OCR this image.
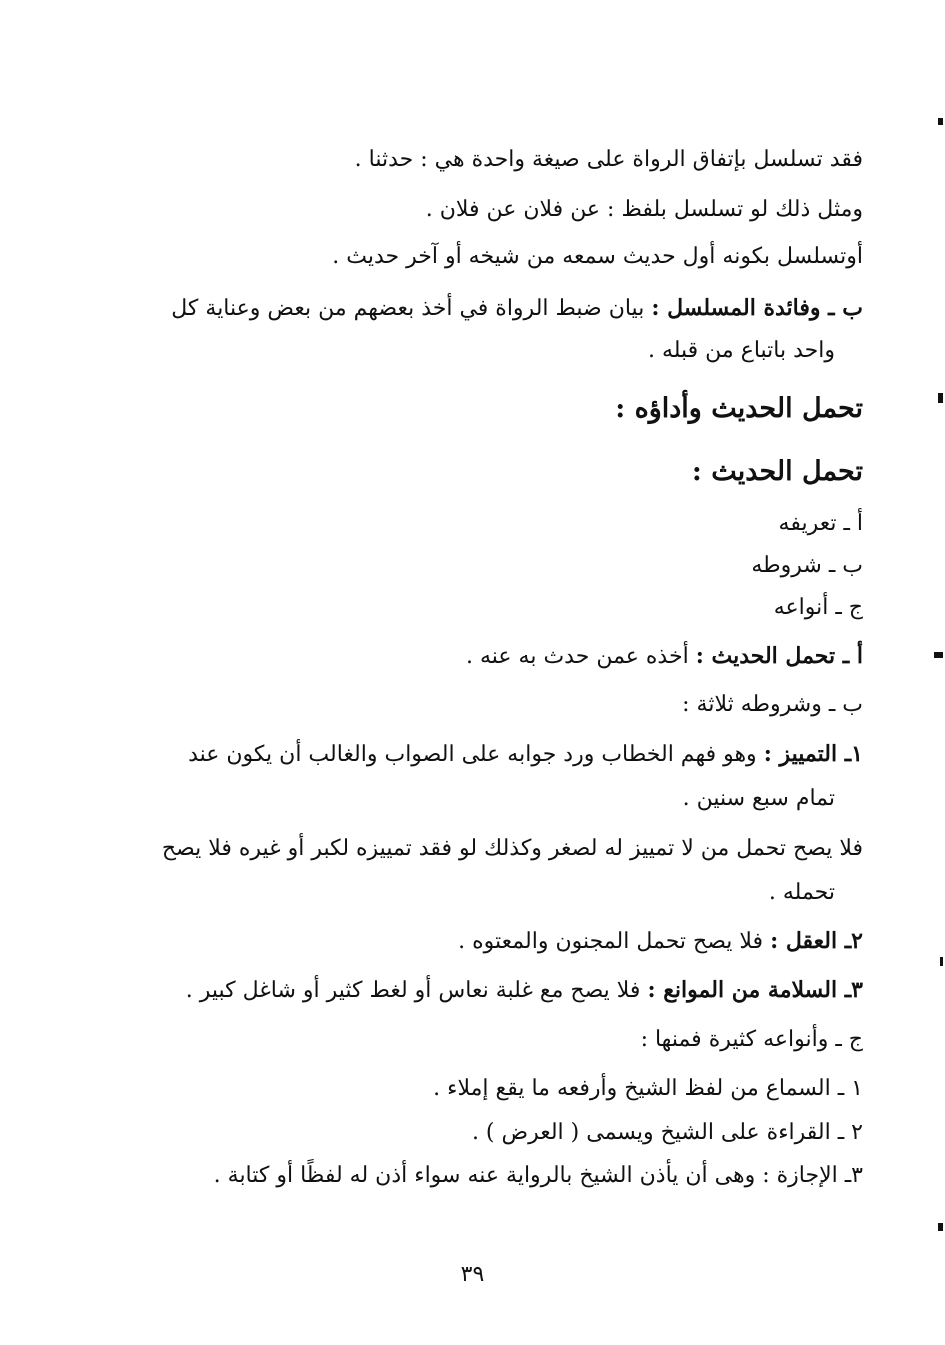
فقد تسلسل بإتفاق الرواة على صيغة واحدة هي : حدثنا .
ومثل ذلك لو تسلسل بلفظ : عن فلان عن فلان .
أوتسلسل بكونه أول حديث سمعه من شيخه أو آخر حديث .
ب ـ وفائدة المسلسل : بيان ضبط الرواة في أخذ بعضهم من بعض وعناية كل
واحد باتباع من قبله .
تحمل الحديث وأداؤه :
تحمل الحديث :
أ ـ تعريفه
ب ـ شروطه
ج ـ أنواعه
أ ـ تحمل الحديث : أخذه عمن حدث به عنه .
ب ـ وشروطه ثلاثة :
١ـ التمييز : وهو فهم الخطاب ورد جوابه على الصواب والغالب أن يكون عند
تمام سبع سنين .
فلا يصح تحمل من لا تمييز له لصغر وكذلك لو فقد تمييزه لكبر أو غيره فلا يصح
تحمله .
٢ـ العقل : فلا يصح تحمل المجنون والمعتوه .
٣ـ السلامة من الموانع : فلا يصح مع غلبة نعاس أو لغط كثير أو شاغل كبير .
ج ـ وأنواعه كثيرة فمنها :
١ ـ السماع من لفظ الشيخ وأرفعه ما يقع إملاء .
٢ ـ القراءة على الشيخ ويسمى ( العرض ) .
٣ـ الإجازة : وهى أن يأذن الشيخ بالرواية عنه سواء أذن له لفظًا أو كتابة .
٣٩
